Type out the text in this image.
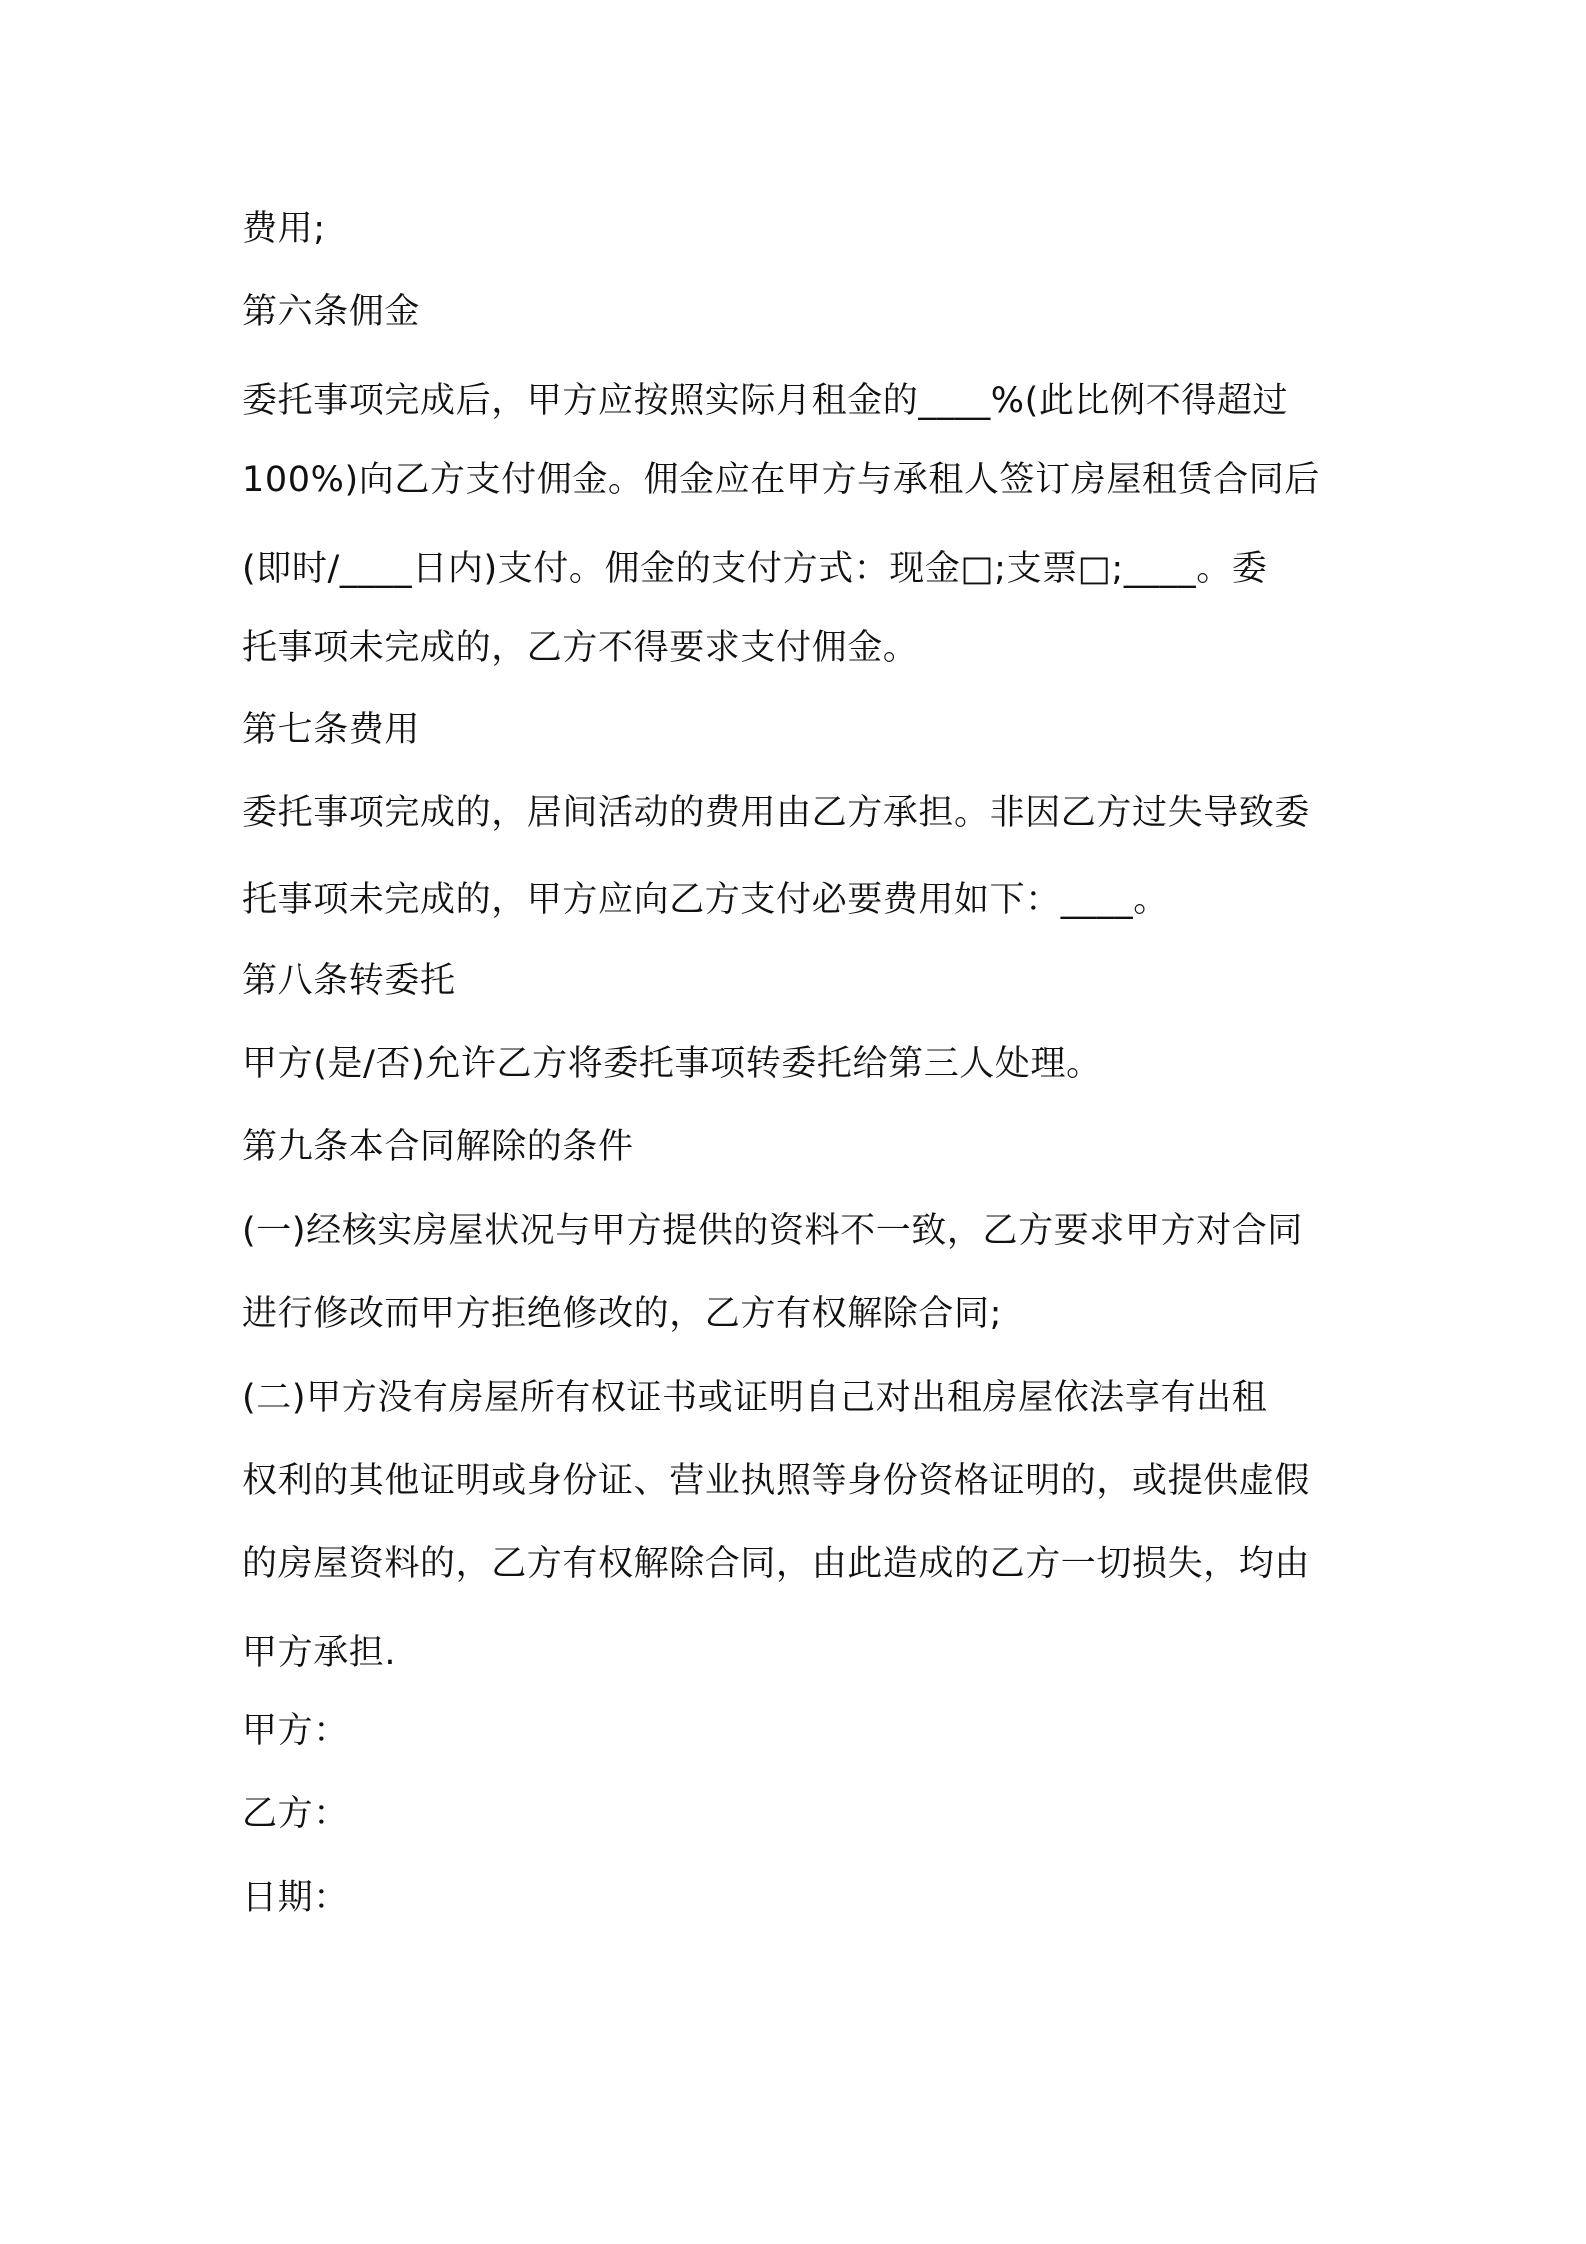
费用;
第六条佣金
委托事项完成后，甲方应按照实际月租金的____%(此比例不得超过
100%)向乙方支付佣金。佣金应在甲方与承租人签订房屋租赁合同后
(即时/____日内)支付。佣金的支付方式：现金□;支票□;____。委
托事项未完成的，乙方不得要求支付佣金。
第七条费用
委托事项完成的，居间活动的费用由乙方承担。非因乙方过失导致委
托事项未完成的，甲方应向乙方支付必要费用如下：____。
第八条转委托
甲方(是/否)允许乙方将委托事项转委托给第三人处理。
第九条本合同解除的条件
(一)经核实房屋状况与甲方提供的资料不一致，乙方要求甲方对合同
进行修改而甲方拒绝修改的，乙方有权解除合同;
(二)甲方没有房屋所有权证书或证明自己对出租房屋依法享有出租
权利的其他证明或身份证、营业执照等身份资格证明的，或提供虚假
的房屋资料的，乙方有权解除合同，由此造成的乙方一切损失，均由
甲方承担.
甲方：
乙方：
日期：
